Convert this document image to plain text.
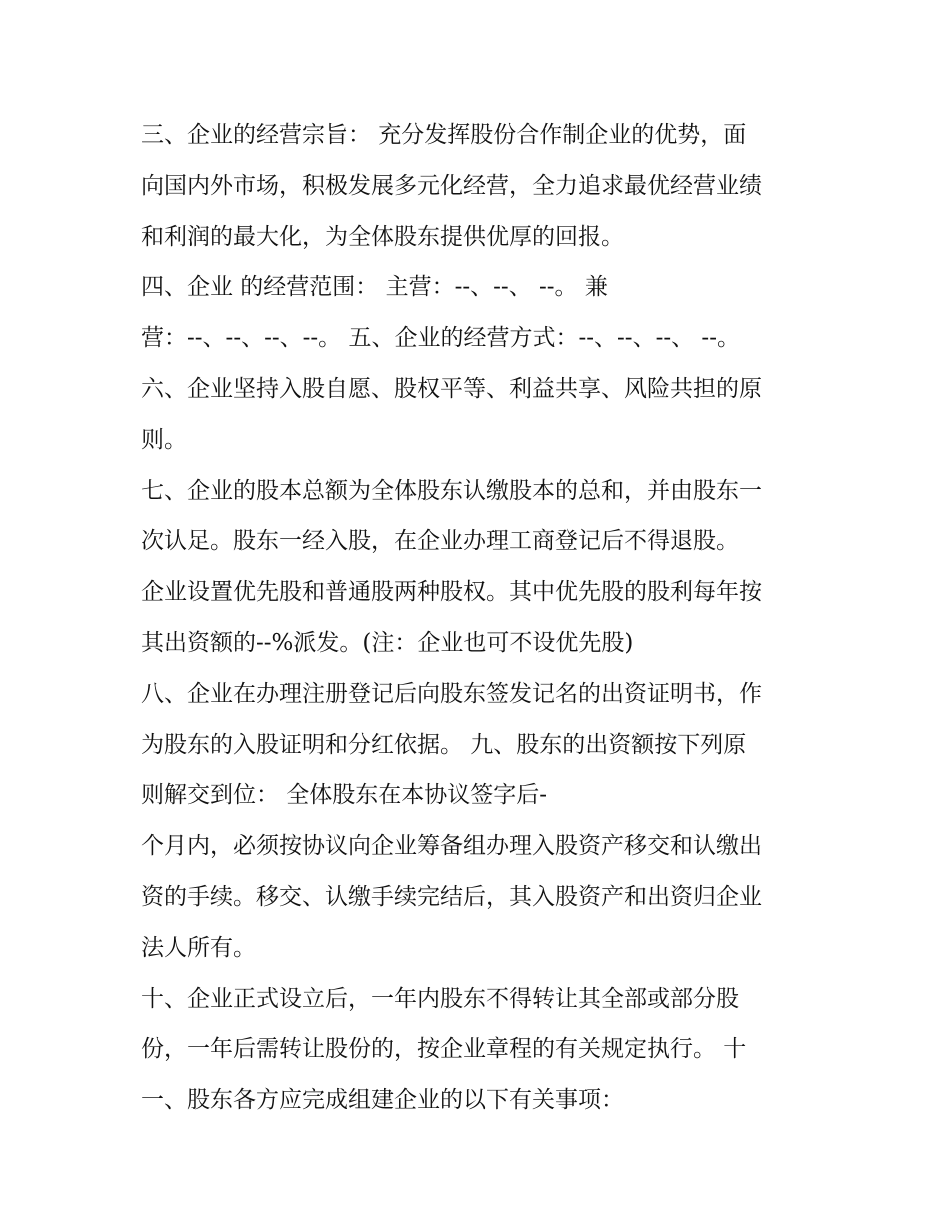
三、企业的经营宗旨： 充分发挥股份合作制企业的优势，面
向国内外市场，积极发展多元化经营，全力追求最优经营业绩
和利润的最大化，为全体股东提供优厚的回报。
四、企业 的经营范围： 主营：--、--、 --。 兼
营：--、--、--、--。 五、企业的经营方式：--、--、--、 --。
六、企业坚持入股自愿、股权平等、利益共享、风险共担的原
则。
七、企业的股本总额为全体股东认缴股本的总和，并由股东一
次认足。股东一经入股，在企业办理工商登记后不得退股。
企业设置优先股和普通股两种股权。其中优先股的股利每年按
其出资额的--%派发。(注：企业也可不设优先股)
八、企业在办理注册登记后向股东签发记名的出资证明书，作
为股东的入股证明和分红依据。 九、股东的出资额按下列原
则解交到位： 全体股东在本协议签字后-
个月内，必须按协议向企业筹备组办理入股资产移交和认缴出
资的手续。移交、认缴手续完结后，其入股资产和出资归企业
法人所有。
十、企业正式设立后，一年内股东不得转让其全部或部分股
份，一年后需转让股份的，按企业章程的有关规定执行。 十
一、股东各方应完成组建企业的以下有关事项：
